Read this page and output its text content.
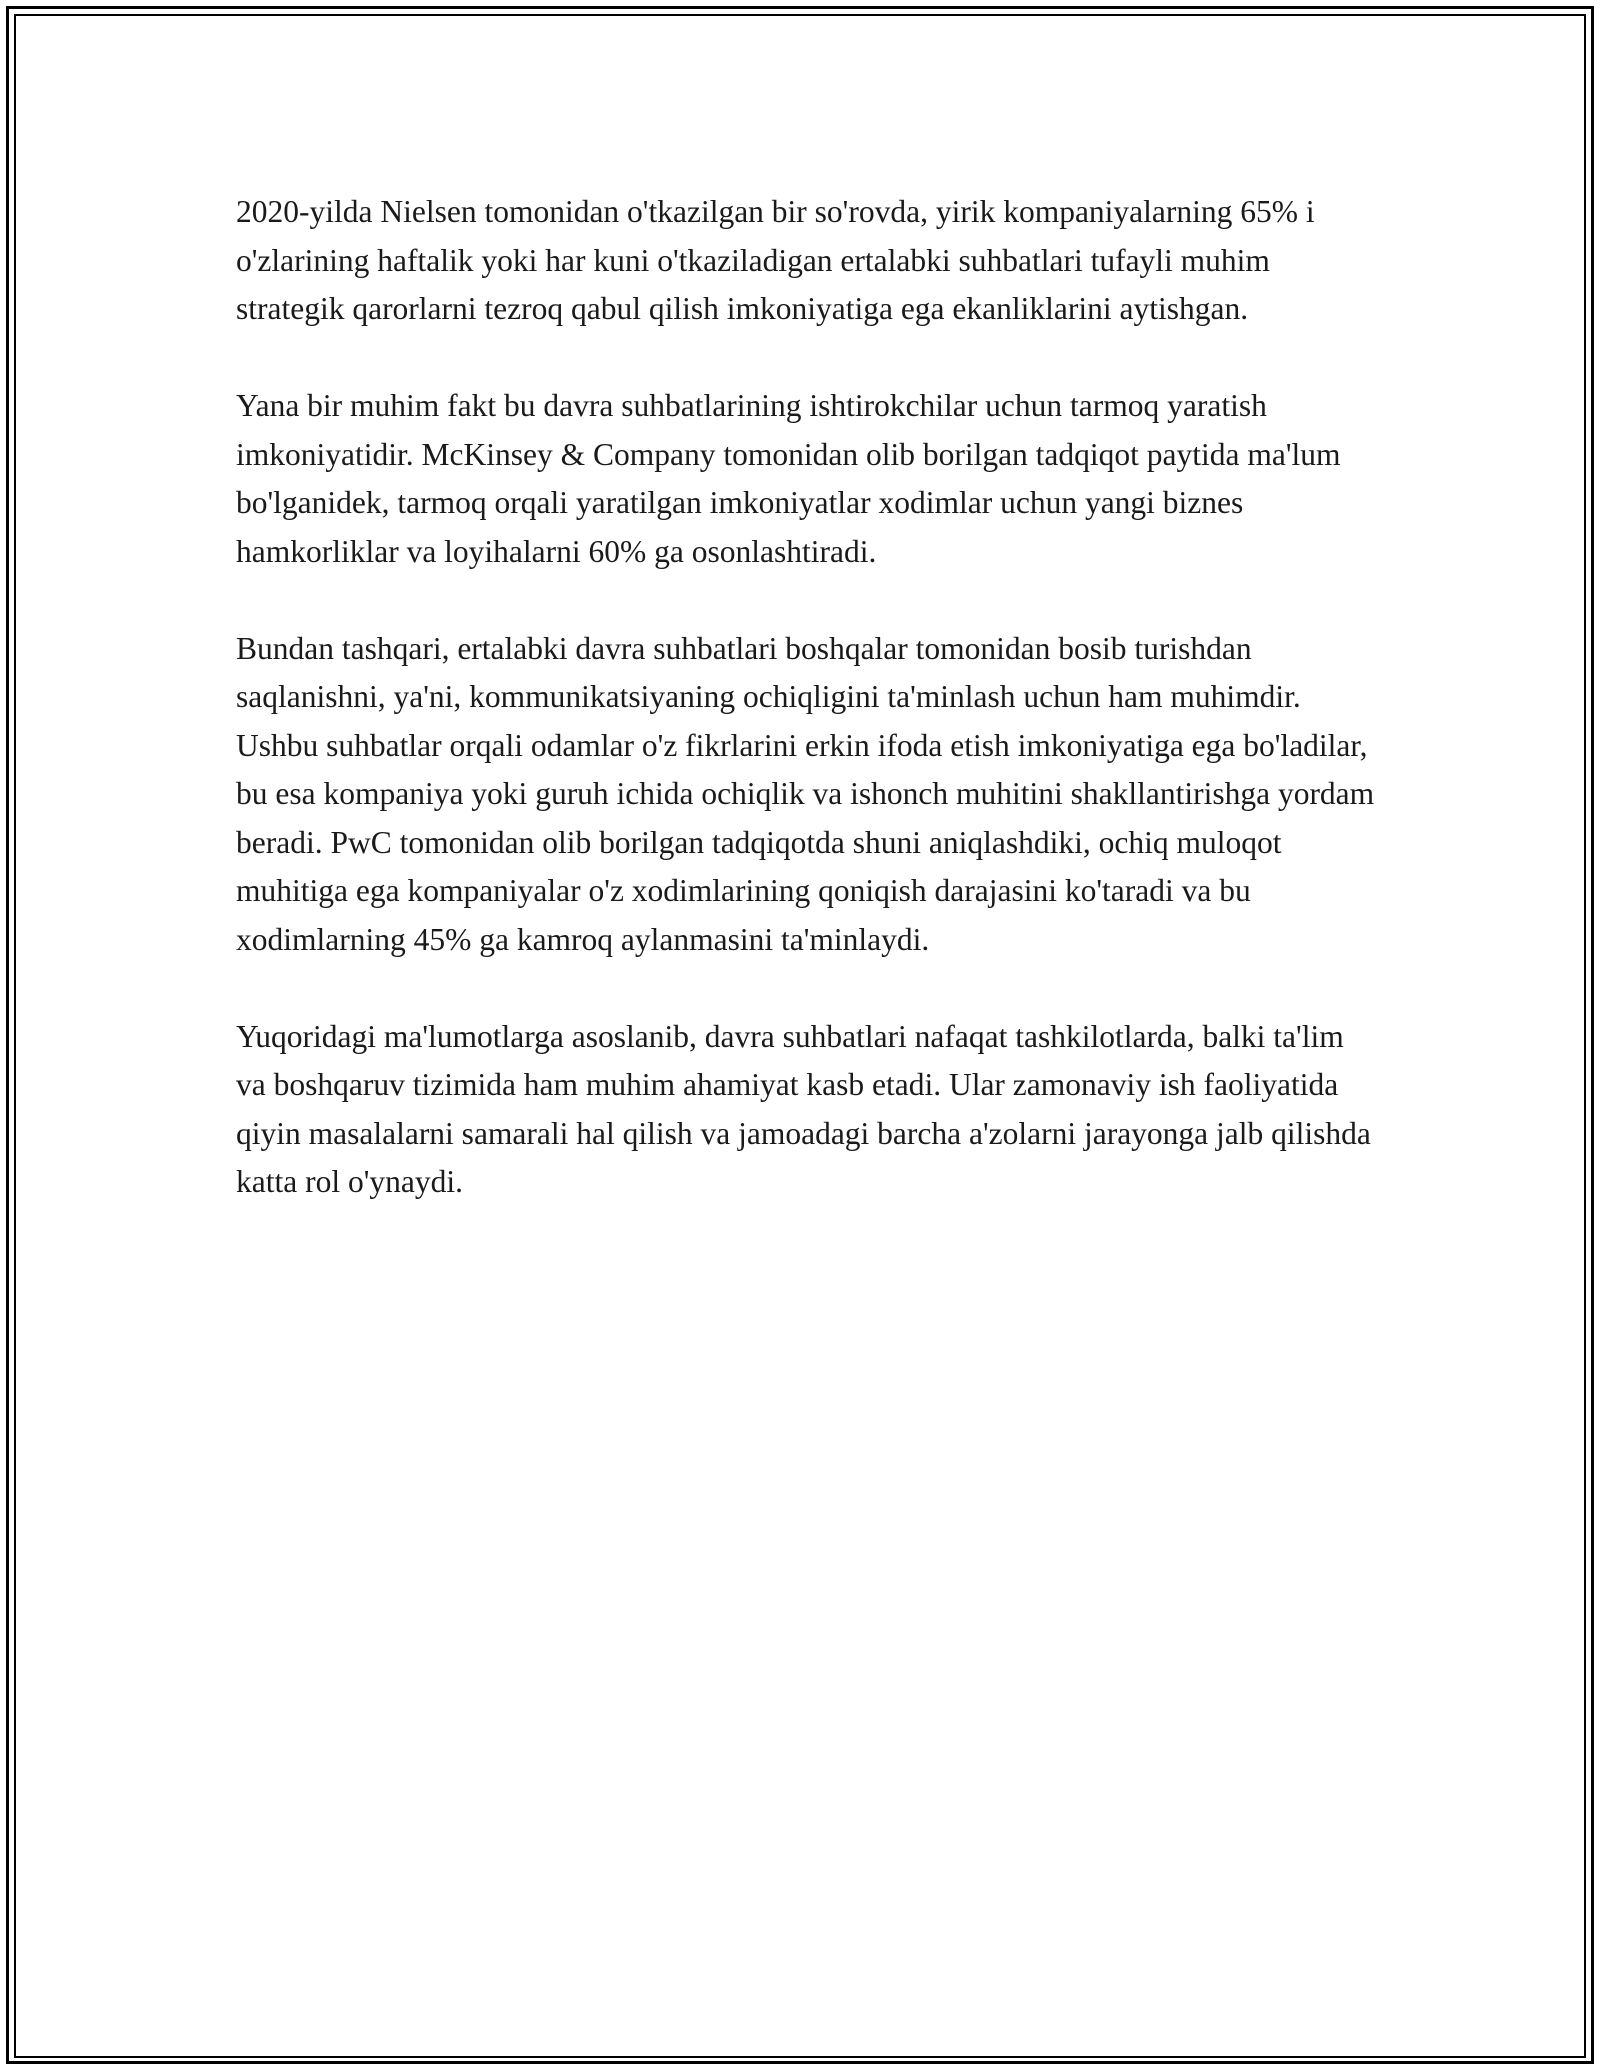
2020-yilda Nielsen tomonidan o'tkazilgan bir so'rovda, yirik kompaniyalarning 65% i o'zlarining haftalik yoki har kuni o'tkaziladigan ertalabki suhbatlari tufayli muhim strategik qarorlarni tezroq qabul qilish imkoniyatiga ega ekanliklarini aytishgan.

Yana bir muhim fakt bu davra suhbatlarining ishtirokchilar uchun tarmoq yaratish imkoniyatidir. McKinsey & Company tomonidan olib borilgan tadqiqot paytida ma'lum bo'lganidek, tarmoq orqali yaratilgan imkoniyatlar xodimlar uchun yangi biznes hamkorliklar va loyihalarni 60% ga osonlashtiradi.

Bundan tashqari, ertalabki davra suhbatlari boshqalar tomonidan bosib turishdan saqlanishni, ya'ni, kommunikatsiyaning ochiqligini ta'minlash uchun ham muhimdir. Ushbu suhbatlar orqali odamlar o'z fikrlarini erkin ifoda etish imkoniyatiga ega bo'ladilar, bu esa kompaniya yoki guruh ichida ochiqlik va ishonch muhitini shakllantirishga yordam beradi. PwC tomonidan olib borilgan tadqiqotda shuni aniqlashdiki, ochiq muloqot muhitiga ega kompaniyalar o'z xodimlarining qoniqish darajasini ko'taradi va bu xodimlarning 45% ga kamroq aylanmasini ta'minlaydi.

Yuqoridagi ma'lumotlarga asoslanib, davra suhbatlari nafaqat tashkilotlarda, balki ta'lim va boshqaruv tizimida ham muhim ahamiyat kasb etadi. Ular zamonaviy ish faoliyatida qiyin masalalarni samarali hal qilish va jamoadagi barcha a'zolarni jarayonga jalb qilishda katta rol o'ynaydi.
